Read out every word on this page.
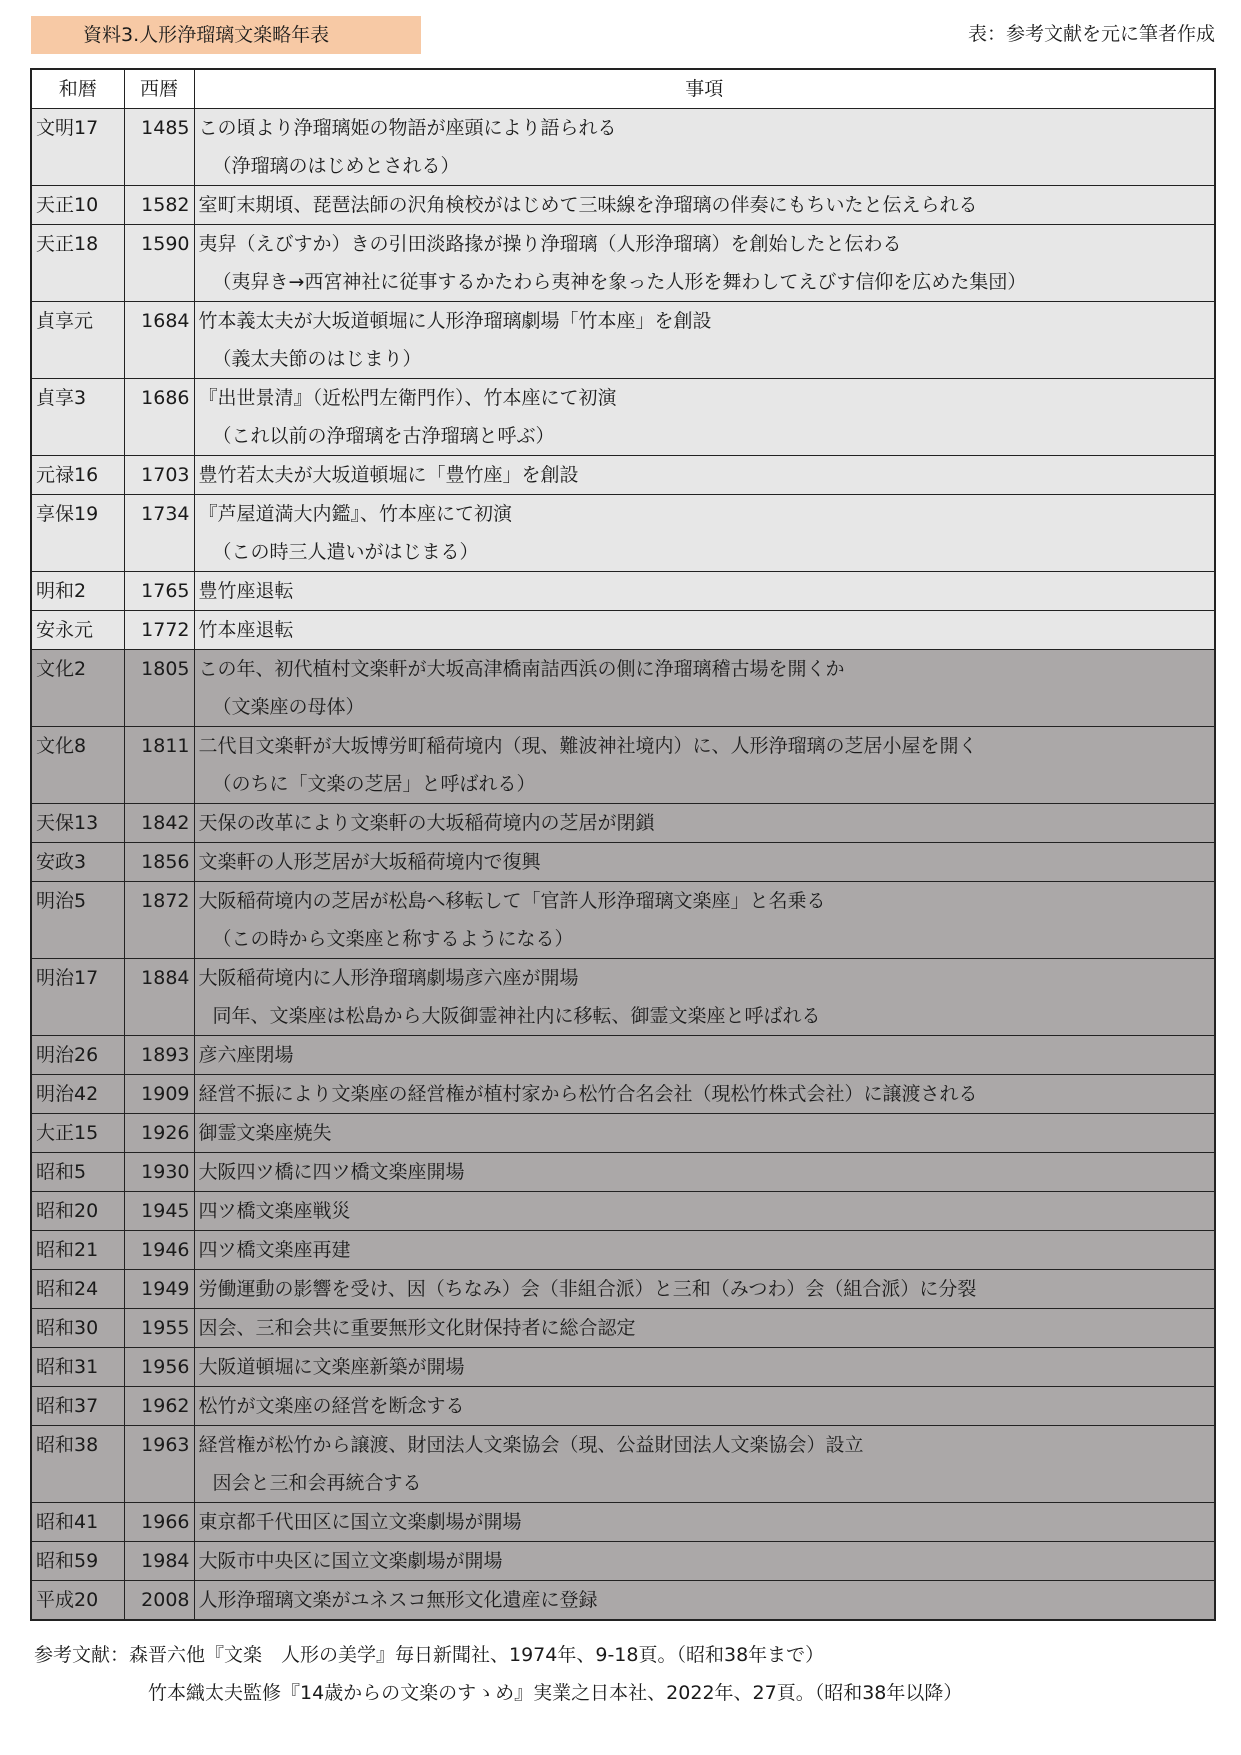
資料3.人形浄瑠璃文楽略年表	表：参考文献を元に筆者作成
和暦	西暦	事項
文明17	1485	この頃より浄瑠璃姫の物語が座頭により語られる
（浄瑠璃のはじめとされる）

天正10	1582	室町末期頃、琵琶法師の沢角検校がはじめて三味線を浄瑠璃の伴奏にもちいたと伝えられる

天正18	1590	夷舁（えびすか）きの引田淡路掾が操り浄瑠璃（人形浄瑠璃）を創始したと伝わる
（夷舁き→西宮神社に従事するかたわら夷神を象った人形を舞わしてえびす信仰を広めた集団）

貞享元	1684	竹本義太夫が大坂道頓堀に人形浄瑠璃劇場「竹本座」を創設
（義太夫節のはじまり）

貞享3	1686	『出世景清』（近松門左衛門作）、竹本座にて初演
（これ以前の浄瑠璃を古浄瑠璃と呼ぶ）

元禄16	1703	豊竹若太夫が大坂道頓堀に「豊竹座」を創設

享保19	1734	『芦屋道満大内鑑』、竹本座にて初演
（この時三人遣いがはじまる）

明和2	1765	豊竹座退転

安永元	1772	竹本座退転

文化2	1805	この年、初代植村文楽軒が大坂高津橋南詰西浜の側に浄瑠璃稽古場を開くか
（文楽座の母体）

文化8	1811	二代目文楽軒が大坂博労町稲荷境内（現、難波神社境内）に、人形浄瑠璃の芝居小屋を開く
（のちに「文楽の芝居」と呼ばれる）

天保13	1842	天保の改革により文楽軒の大坂稲荷境内の芝居が閉鎖

安政3	1856	文楽軒の人形芝居が大坂稲荷境内で復興

明治5	1872	大阪稲荷境内の芝居が松島へ移転して「官許人形浄瑠璃文楽座」と名乗る
（この時から文楽座と称するようになる）

明治17	1884	大阪稲荷境内に人形浄瑠璃劇場彦六座が開場
同年、文楽座は松島から大阪御霊神社内に移転、御霊文楽座と呼ばれる

明治26	1893	彦六座閉場

明治42	1909	経営不振により文楽座の経営権が植村家から松竹合名会社（現松竹株式会社）に譲渡される

大正15	1926	御霊文楽座焼失

昭和5	1930	大阪四ツ橋に四ツ橋文楽座開場

昭和20	1945	四ツ橋文楽座戦災

昭和21	1946	四ツ橋文楽座再建

昭和24	1949	労働運動の影響を受け、因（ちなみ）会（非組合派）と三和（みつわ）会（組合派）に分裂

昭和30	1955	因会、三和会共に重要無形文化財保持者に総合認定

昭和31	1956	大阪道頓堀に文楽座新築が開場

昭和37	1962	松竹が文楽座の経営を断念する

昭和38	1963	経営権が松竹から譲渡、財団法人文楽協会（現、公益財団法人文楽協会）設立
因会と三和会再統合する

昭和41	1966	東京都千代田区に国立文楽劇場が開場

昭和59	1984	大阪市中央区に国立文楽劇場が開場

平成20	2008	人形浄瑠璃文楽がユネスコ無形文化遺産に登録
参考文献：森晋六他『文楽　人形の美学』毎日新聞社、1974年、9-18頁。（昭和38年まで）
竹本織太夫監修『14歳からの文楽のすゝめ』実業之日本社、2022年、27頁。（昭和38年以降）
